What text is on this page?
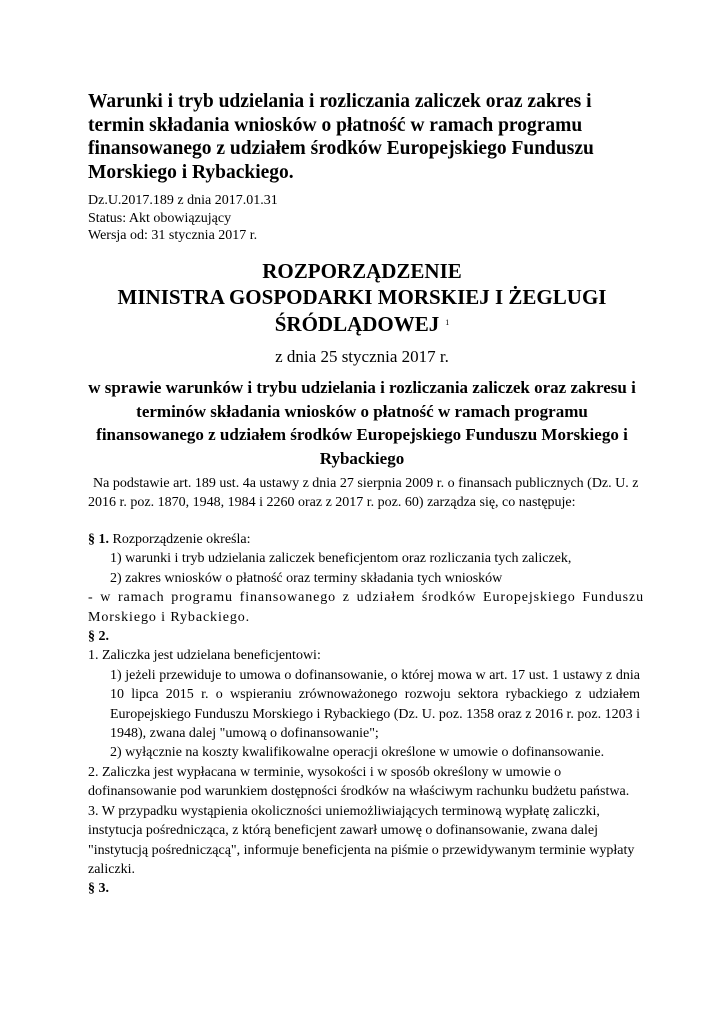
Warunki i tryb udzielania i rozliczania zaliczek oraz zakres i termin składania wniosków o płatność w ramach programu finansowanego z udziałem środków Europejskiego Funduszu Morskiego i Rybackiego.
Dz.U.2017.189 z dnia 2017.01.31
Status: Akt obowiązujący
Wersja od: 31 stycznia 2017 r.
ROZPORZĄDZENIE
MINISTRA GOSPODARKI MORSKIEJ I ŻEGLUGI
ŚRÓDLĄDOWEJ $^1$
z dnia 25 stycznia 2017 r.
w sprawie warunków i trybu udzielania i rozliczania zaliczek oraz zakresu i terminów składania wniosków o płatność w ramach programu finansowanego z udziałem środków Europejskiego Funduszu Morskiego i Rybackiego
Na podstawie art. 189 ust. 4a ustawy z dnia 27 sierpnia 2009 r. o finansach publicznych (Dz. U. z 2016 r. poz. 1870, 1948, 1984 i 2260 oraz z 2017 r. poz. 60) zarządza się, co następuje:

§ 1. Rozporządzenie określa:

1) warunki i tryb udzielania zaliczek beneficjentom oraz rozliczania tych zaliczek,

2) zakres wniosków o płatność oraz terminy składania tych wniosków

- w ramach programu finansowanego z udziałem środków Europejskiego Funduszu Morskiego i Rybackiego.

§ 2.

1. Zaliczka jest udzielana beneficjentowi:

1) jeżeli przewiduje to umowa o dofinansowanie, o której mowa w art. 17 ust. 1 ustawy z dnia 10 lipca 2015 r. o wspieraniu zrównoważonego rozwoju sektora rybackiego z udziałem Europejskiego Funduszu Morskiego i Rybackiego (Dz. U. poz. 1358 oraz z 2016 r. poz. 1203 i 1948), zwana dalej "umową o dofinansowanie";

2) wyłącznie na koszty kwalifikowalne operacji określone w umowie o dofinansowanie.

2. Zaliczka jest wypłacana w terminie, wysokości i w sposób określony w umowie o dofinansowanie pod warunkiem dostępności środków na właściwym rachunku budżetu państwa.

3. W przypadku wystąpienia okoliczności uniemożliwiających terminową wypłatę zaliczki, instytucja pośrednicząca, z którą beneficjent zawarł umowę o dofinansowanie, zwana dalej "instytucją pośredniczącą", informuje beneficjenta na piśmie o przewidywanym terminie wypłaty zaliczki.

§ 3.
